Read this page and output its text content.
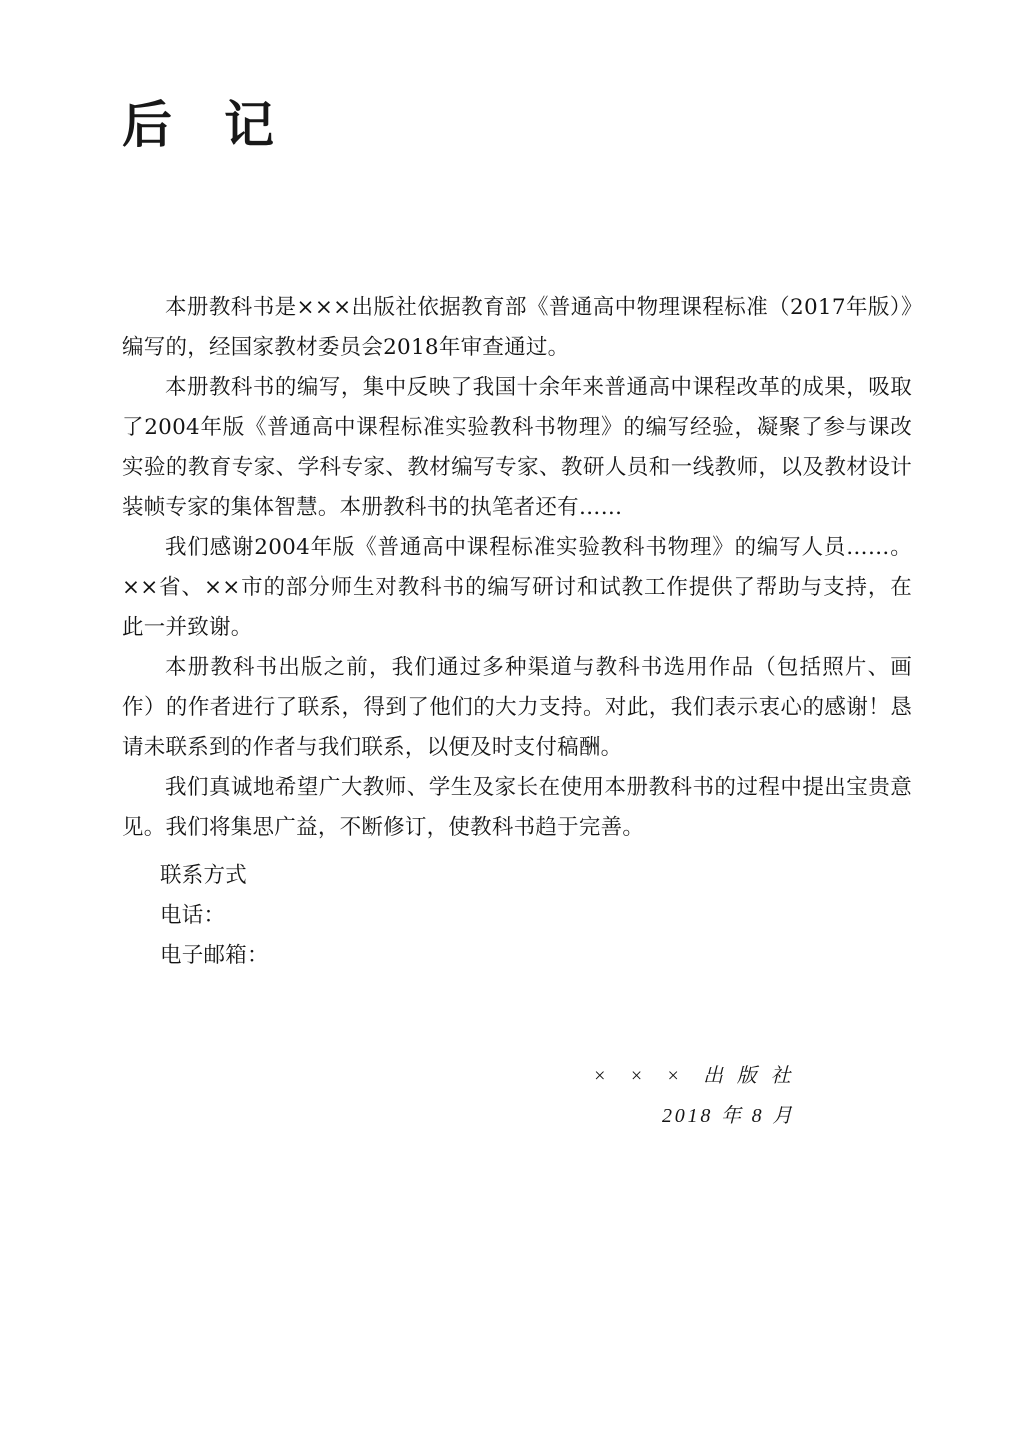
后　记

本册教科书是×××出版社依据教育部《普通高中物理课程标准（2017年版）》编写的，经国家教材委员会2018年审查通过。

本册教科书的编写，集中反映了我国十余年来普通高中课程改革的成果，吸取了2004年版《普通高中课程标准实验教科书物理》的编写经验，凝聚了参与课改实验的教育专家、学科专家、教材编写专家、教研人员和一线教师，以及教材设计装帧专家的集体智慧。本册教科书的执笔者还有……

我们感谢2004年版《普通高中课程标准实验教科书物理》的编写人员……。××省、××市的部分师生对教科书的编写研讨和试教工作提供了帮助与支持，在此一并致谢。

本册教科书出版之前，我们通过多种渠道与教科书选用作品（包括照片、画作）的作者进行了联系，得到了他们的大力支持。对此，我们表示衷心的感谢！恳请未联系到的作者与我们联系，以便及时支付稿酬。

我们真诚地希望广大教师、学生及家长在使用本册教科书的过程中提出宝贵意见。我们将集思广益，不断修订，使教科书趋于完善。

联系方式
电话：
电子邮箱：
×  ×  ×  出 版 社
2018 年 8 月
